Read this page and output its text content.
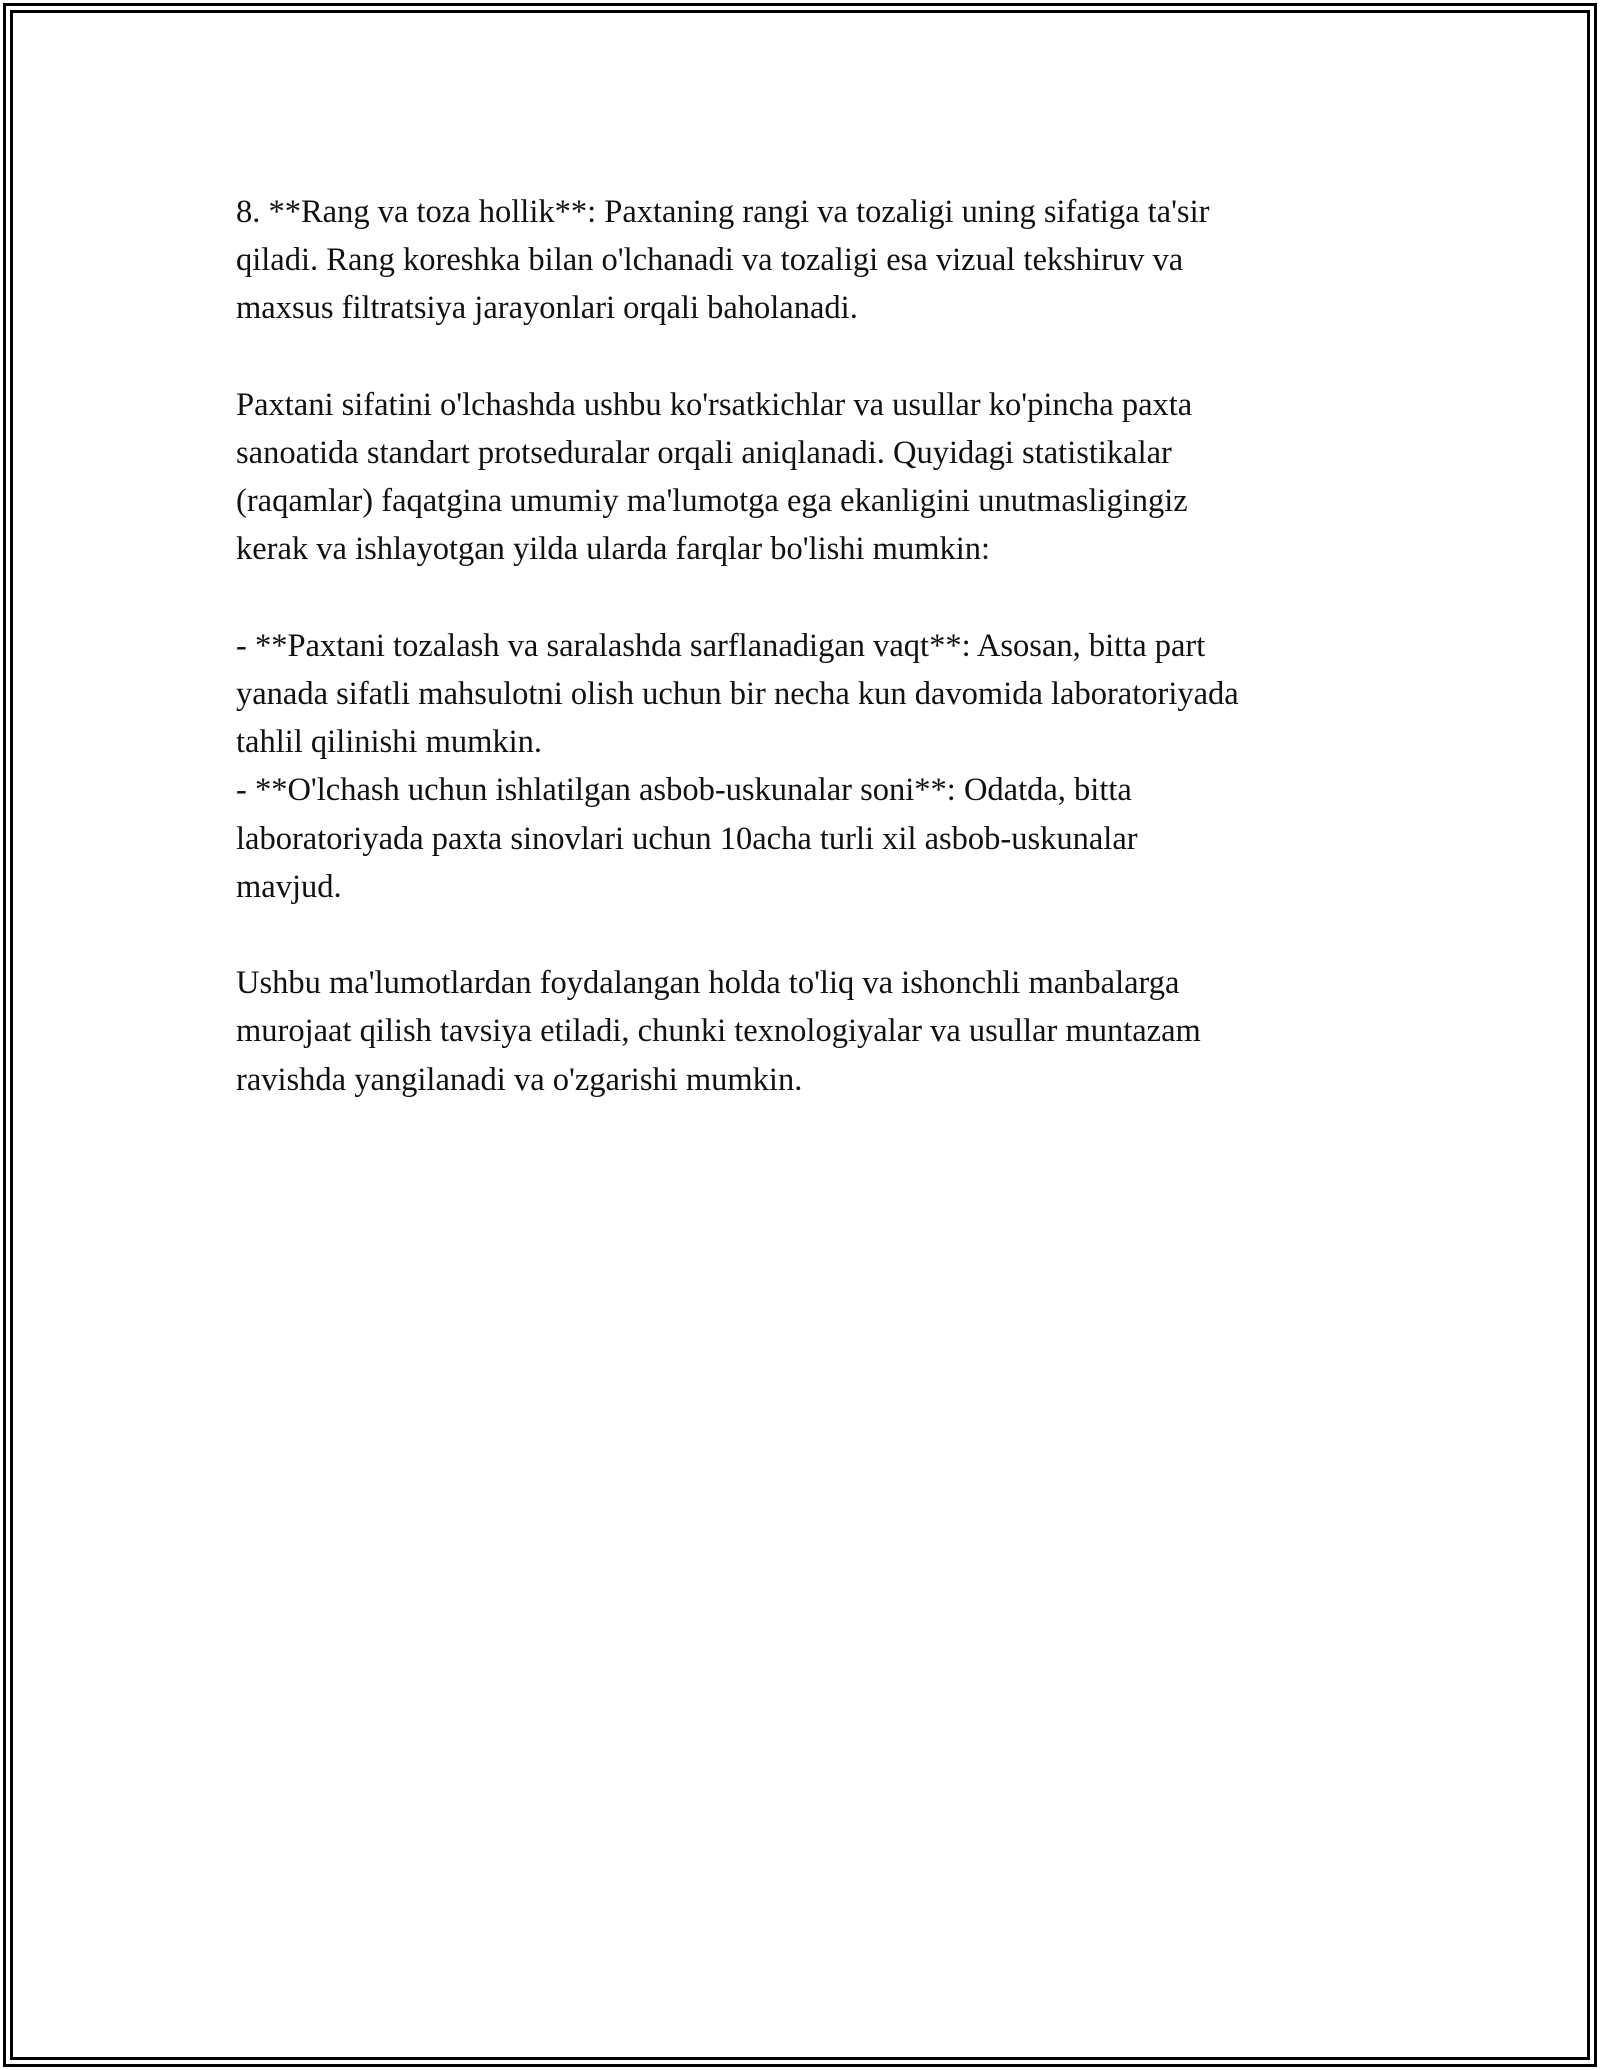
8. **Rang va toza hollik**: Paxtaning rangi va tozaligi uning sifatiga ta'sir
qiladi. Rang koreshka bilan o'lchanadi va tozaligi esa vizual tekshiruv va
maxsus filtratsiya jarayonlari orqali baholanadi.

Paxtani sifatini o'lchashda ushbu ko'rsatkichlar va usullar ko'pincha paxta
sanoatida standart protseduralar orqali aniqlanadi. Quyidagi statistikalar
(raqamlar) faqatgina umumiy ma'lumotga ega ekanligini unutmasligingiz
kerak va ishlayotgan yilda ularda farqlar bo'lishi mumkin:

- **Paxtani tozalash va saralashda sarflanadigan vaqt**: Asosan, bitta part
yanada sifatli mahsulotni olish uchun bir necha kun davomida laboratoriyada
tahlil qilinishi mumkin.

- **O'lchash uchun ishlatilgan asbob-uskunalar soni**: Odatda, bitta
laboratoriyada paxta sinovlari uchun 10acha turli xil asbob-uskunalar
mavjud.

Ushbu ma'lumotlardan foydalangan holda to'liq va ishonchli manbalarga
murojaat qilish tavsiya etiladi, chunki texnologiyalar va usullar muntazam
ravishda yangilanadi va o'zgarishi mumkin.
